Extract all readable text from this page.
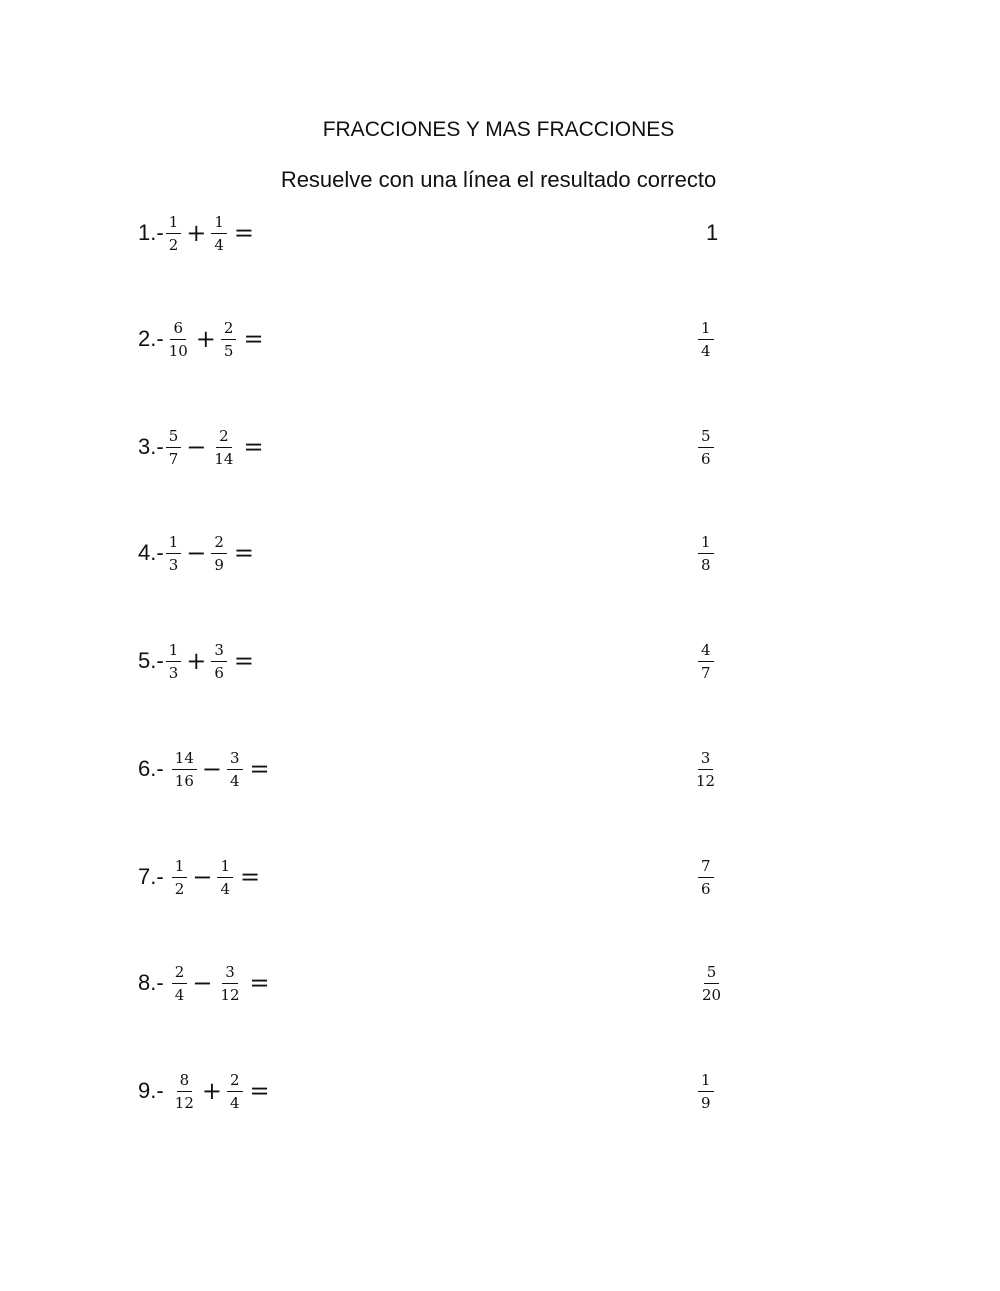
FRACCIONES Y MAS FRACCIONES
Resuelve con una línea el resultado correcto
$1.- \frac{1}{2} + \frac{1}{4}$ =	1
$2.- \frac{6}{10} + \frac{2}{5}$ =	$\frac{1}{4}$
$3.- \frac{5}{7} - \frac{2}{14}$ =	$\frac{5}{6}$
$4.- \frac{1}{3} - \frac{2}{9}$ =	$\frac{1}{8}$
$5.- \frac{1}{3} + \frac{3}{6}$ =	$\frac{4}{7}$
$6.- \frac{14}{16} - \frac{3}{4}$ =	$\frac{3}{12}$
$7.- \frac{1}{2} - \frac{1}{4}$ =	$\frac{7}{6}$
$8.- \frac{2}{4} - \frac{3}{12}$ =	$\frac{5}{20}$
$9.- \frac{8}{12} + \frac{2}{4}$ =	$\frac{1}{9}$
